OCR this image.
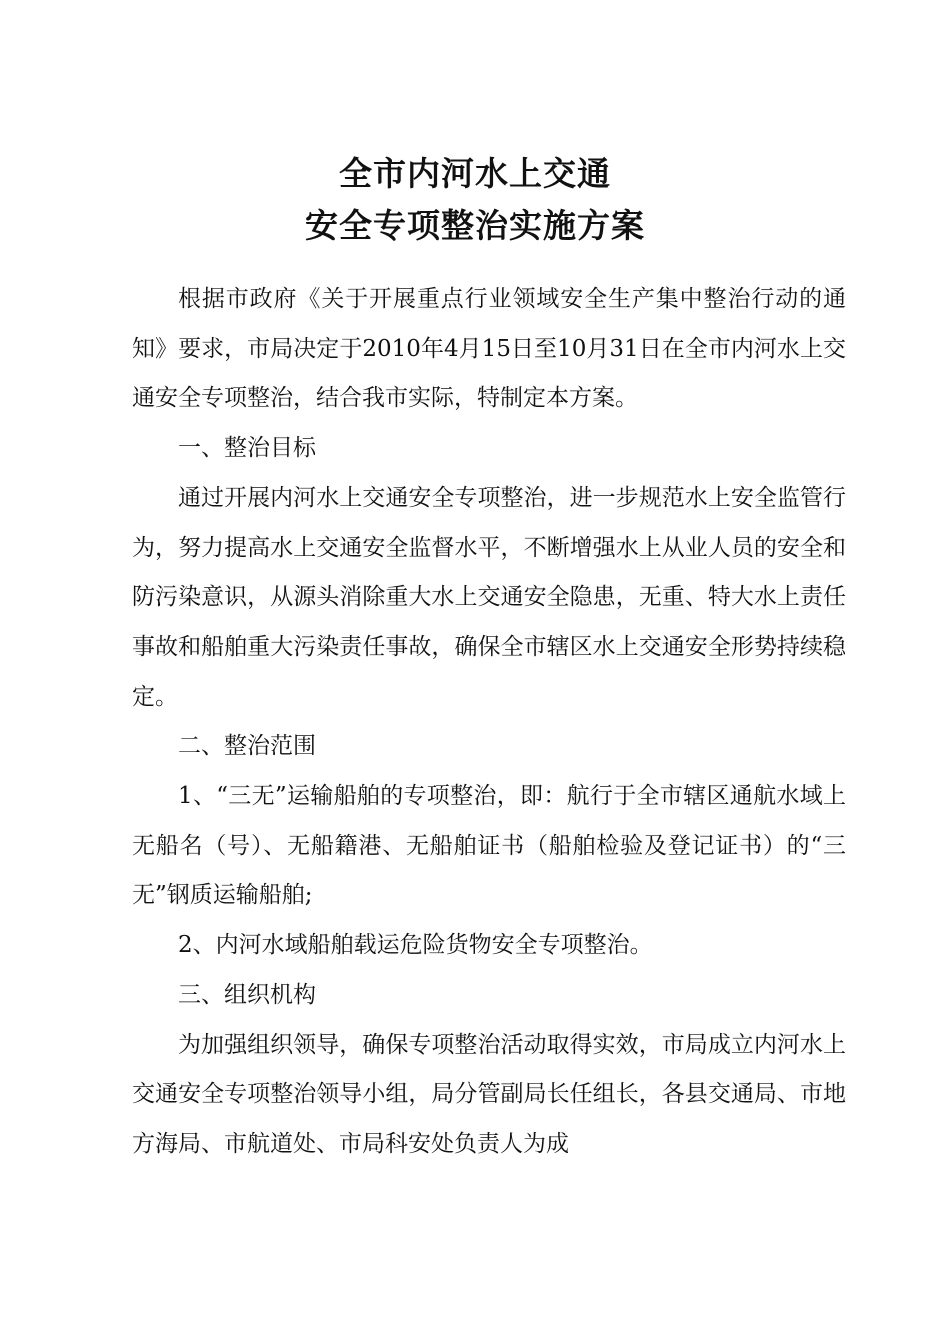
全市内河水上交通
安全专项整治实施方案

根据市政府《关于开展重点行业领域安全生产集中整治行动的通知》要求，市局决定于2010年4月15日至10月31日在全市内河水上交通安全专项整治，结合我市实际，特制定本方案。

一、整治目标

通过开展内河水上交通安全专项整治，进一步规范水上安全监管行为，努力提高水上交通安全监督水平，不断增强水上从业人员的安全和防污染意识，从源头消除重大水上交通安全隐患，无重、特大水上责任事故和船舶重大污染责任事故，确保全市辖区水上交通安全形势持续稳定。

二、整治范围

1、“三无”运输船舶的专项整治，即：航行于全市辖区通航水域上无船名（号）、无船籍港、无船舶证书（船舶检验及登记证书）的“三无”钢质运输船舶;

2、内河水域船舶载运危险货物安全专项整治。

三、组织机构

为加强组织领导，确保专项整治活动取得实效，市局成立内河水上交通安全专项整治领导小组，局分管副局长任组长，各县交通局、市地方海局、市航道处、市局科安处负责人为成
